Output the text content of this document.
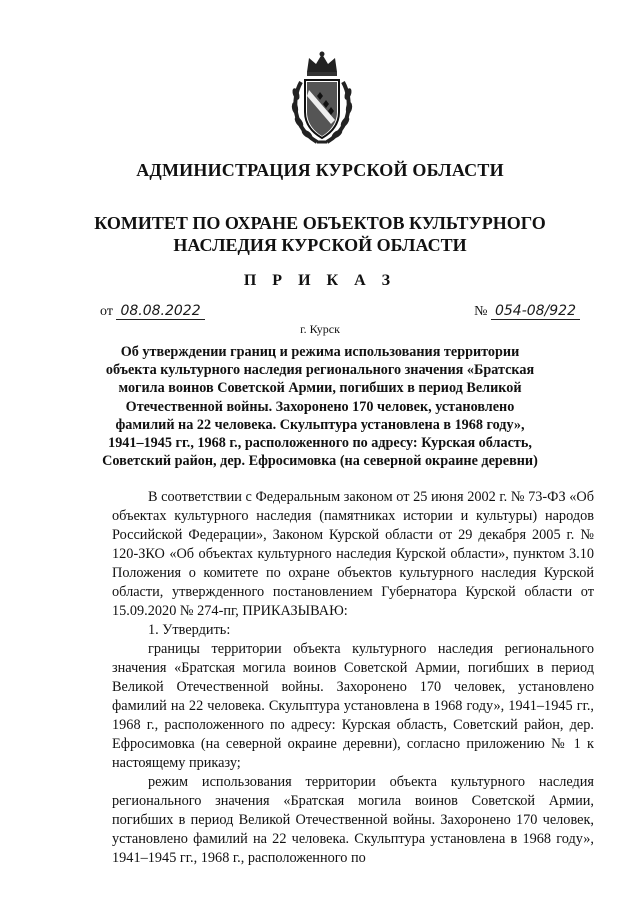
АДМИНИСТРАЦИЯ КУРСКОЙ ОБЛАСТИ
КОМИТЕТ ПО ОХРАНЕ ОБЪЕКТОВ КУЛЬТУРНОГО НАСЛЕДИЯ КУРСКОЙ ОБЛАСТИ
П Р И К А З
от 08.08.2022	№ 054-08/922
г. Курск
Об утверждении границ и режима использования территории объекта культурного наследия регионального значения «Братская могила воинов Советской Армии, погибших в период Великой Отечественной войны. Захоронено 170 человек, установлено фамилий на 22 человека. Скульптура установлена в 1968 году», 1941–1945 гг., 1968 г., расположенного по адресу: Курская область, Советский район, дер. Ефросимовка (на северной окраине деревни)

В соответствии с Федеральным законом от 25 июня 2002 г. № 73-ФЗ «Об объектах культурного наследия (памятниках истории и культуры) народов Российской Федерации», Законом Курской области от 29 декабря 2005 г. № 120-ЗКО «Об объектах культурного наследия Курской области», пунктом 3.10 Положения о комитете по охране объектов культурного наследия Курской области, утвержденного постановлением Губернатора Курской области от 15.09.2020 № 274-пг, ПРИКАЗЫВАЮ:

1. Утвердить:

границы территории объекта культурного наследия регионального значения «Братская могила воинов Советской Армии, погибших в период Великой Отечественной войны. Захоронено 170 человек, установлено фамилий на 22 человека. Скульптура установлена в 1968 году», 1941–1945 гг., 1968 г., расположенного по адресу: Курская область, Советский район, дер. Ефросимовка (на северной окраине деревни), согласно приложению № 1 к настоящему приказу;

режим использования территории объекта культурного наследия регионального значения «Братская могила воинов Советской Армии, погибших в период Великой Отечественной войны. Захоронено 170 человек, установлено фамилий на 22 человека. Скульптура установлена в 1968 году», 1941–1945 гг., 1968 г., расположенного по
